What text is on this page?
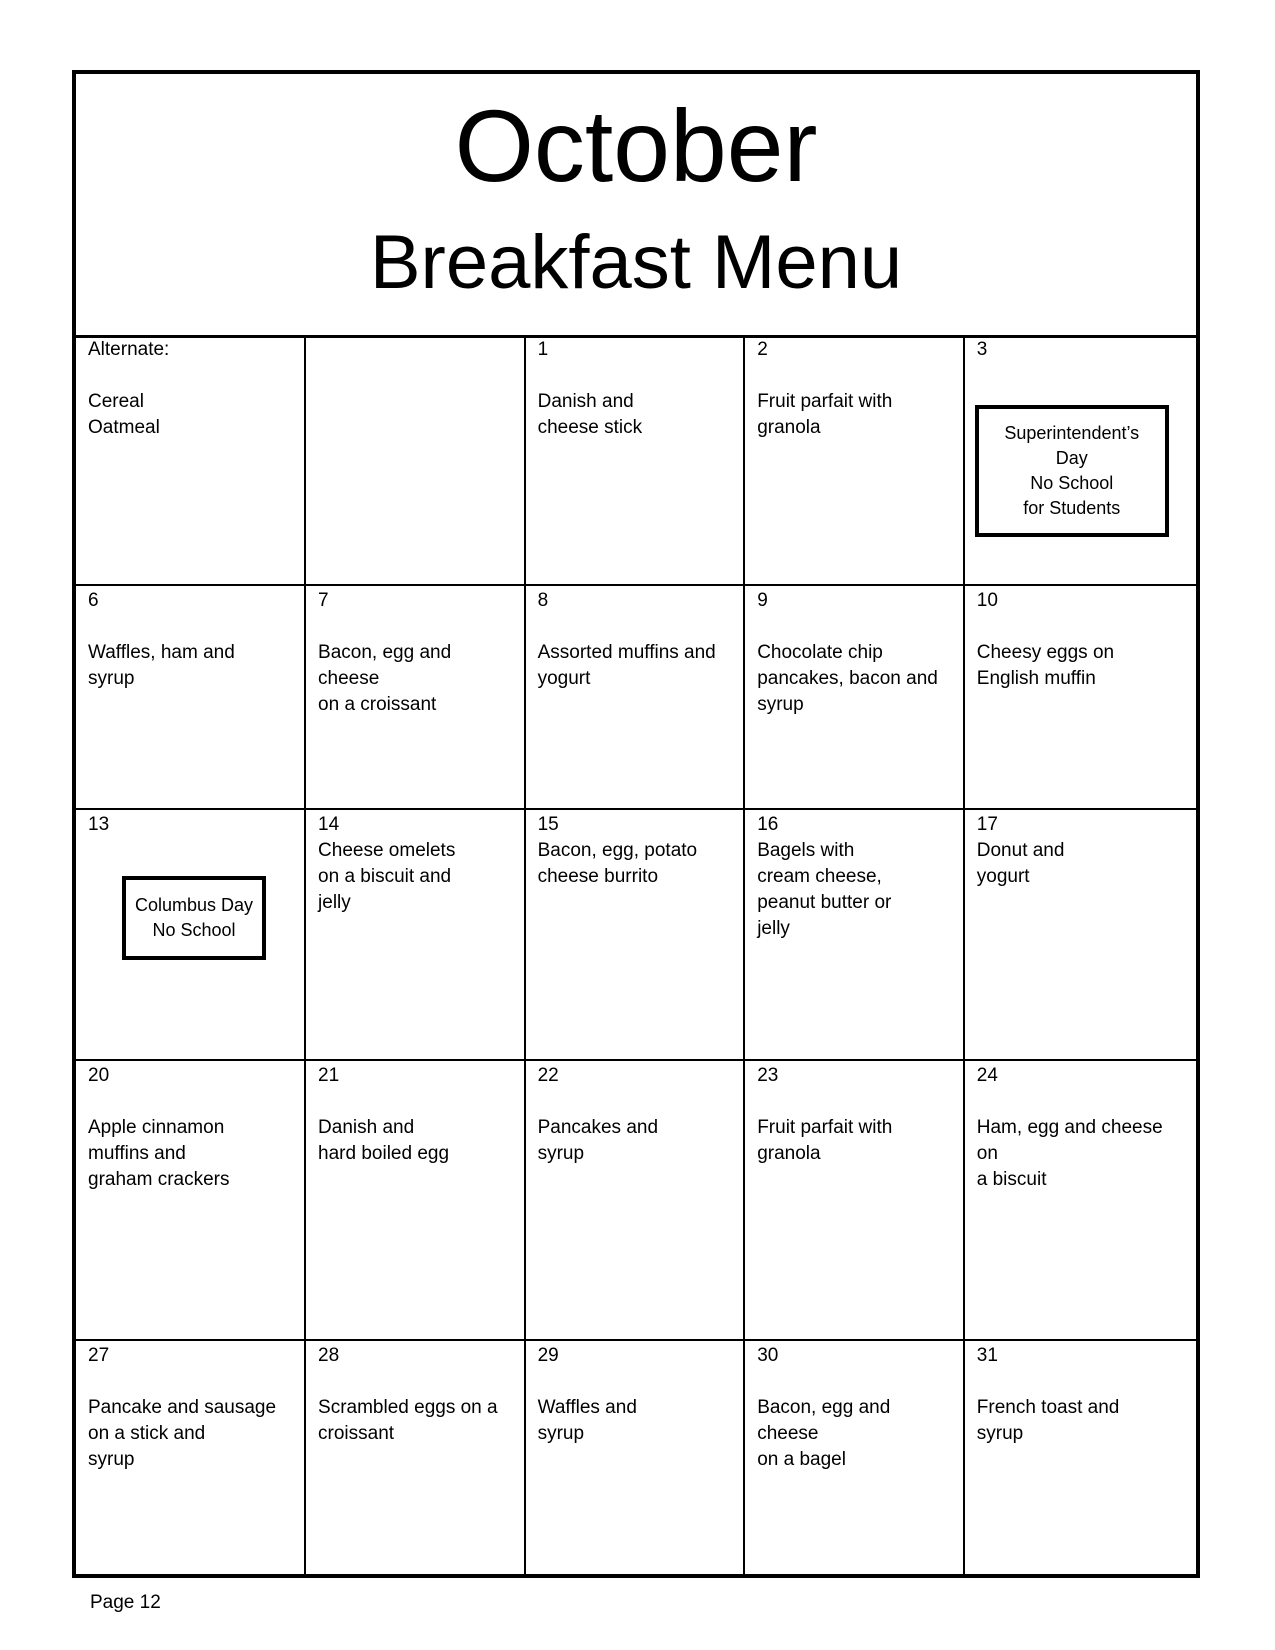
October
Breakfast Menu
Alternate:
Cereal
Oatmeal		1
Danish and
cheese stick	2
Fruit parfait with
granola	3
Superintendent’s
Day
No School
for Students

6
Waffles, ham and
syrup	7
Bacon, egg and cheese
on a croissant	8
Assorted muffins and
yogurt	9
Chocolate chip
pancakes, bacon and
syrup	10
Cheesy eggs on
English muffin

13
Columbus Day
No School	14
Cheese omelets
on a biscuit and
jelly	15
Bacon, egg, potato
cheese burrito	16
Bagels with
cream cheese,
peanut butter or
jelly	17
Donut and
yogurt

20
Apple cinnamon
muffins and
graham crackers	21
Danish and
hard boiled egg	22
Pancakes and
syrup	23
Fruit parfait with
granola	24
Ham, egg and cheese on
a biscuit

27
Pancake and sausage
on a stick and
syrup	28
Scrambled eggs on a
croissant	29
Waffles and
syrup	30
Bacon, egg and cheese
on a bagel	31
French toast and
syrup
Page 12
